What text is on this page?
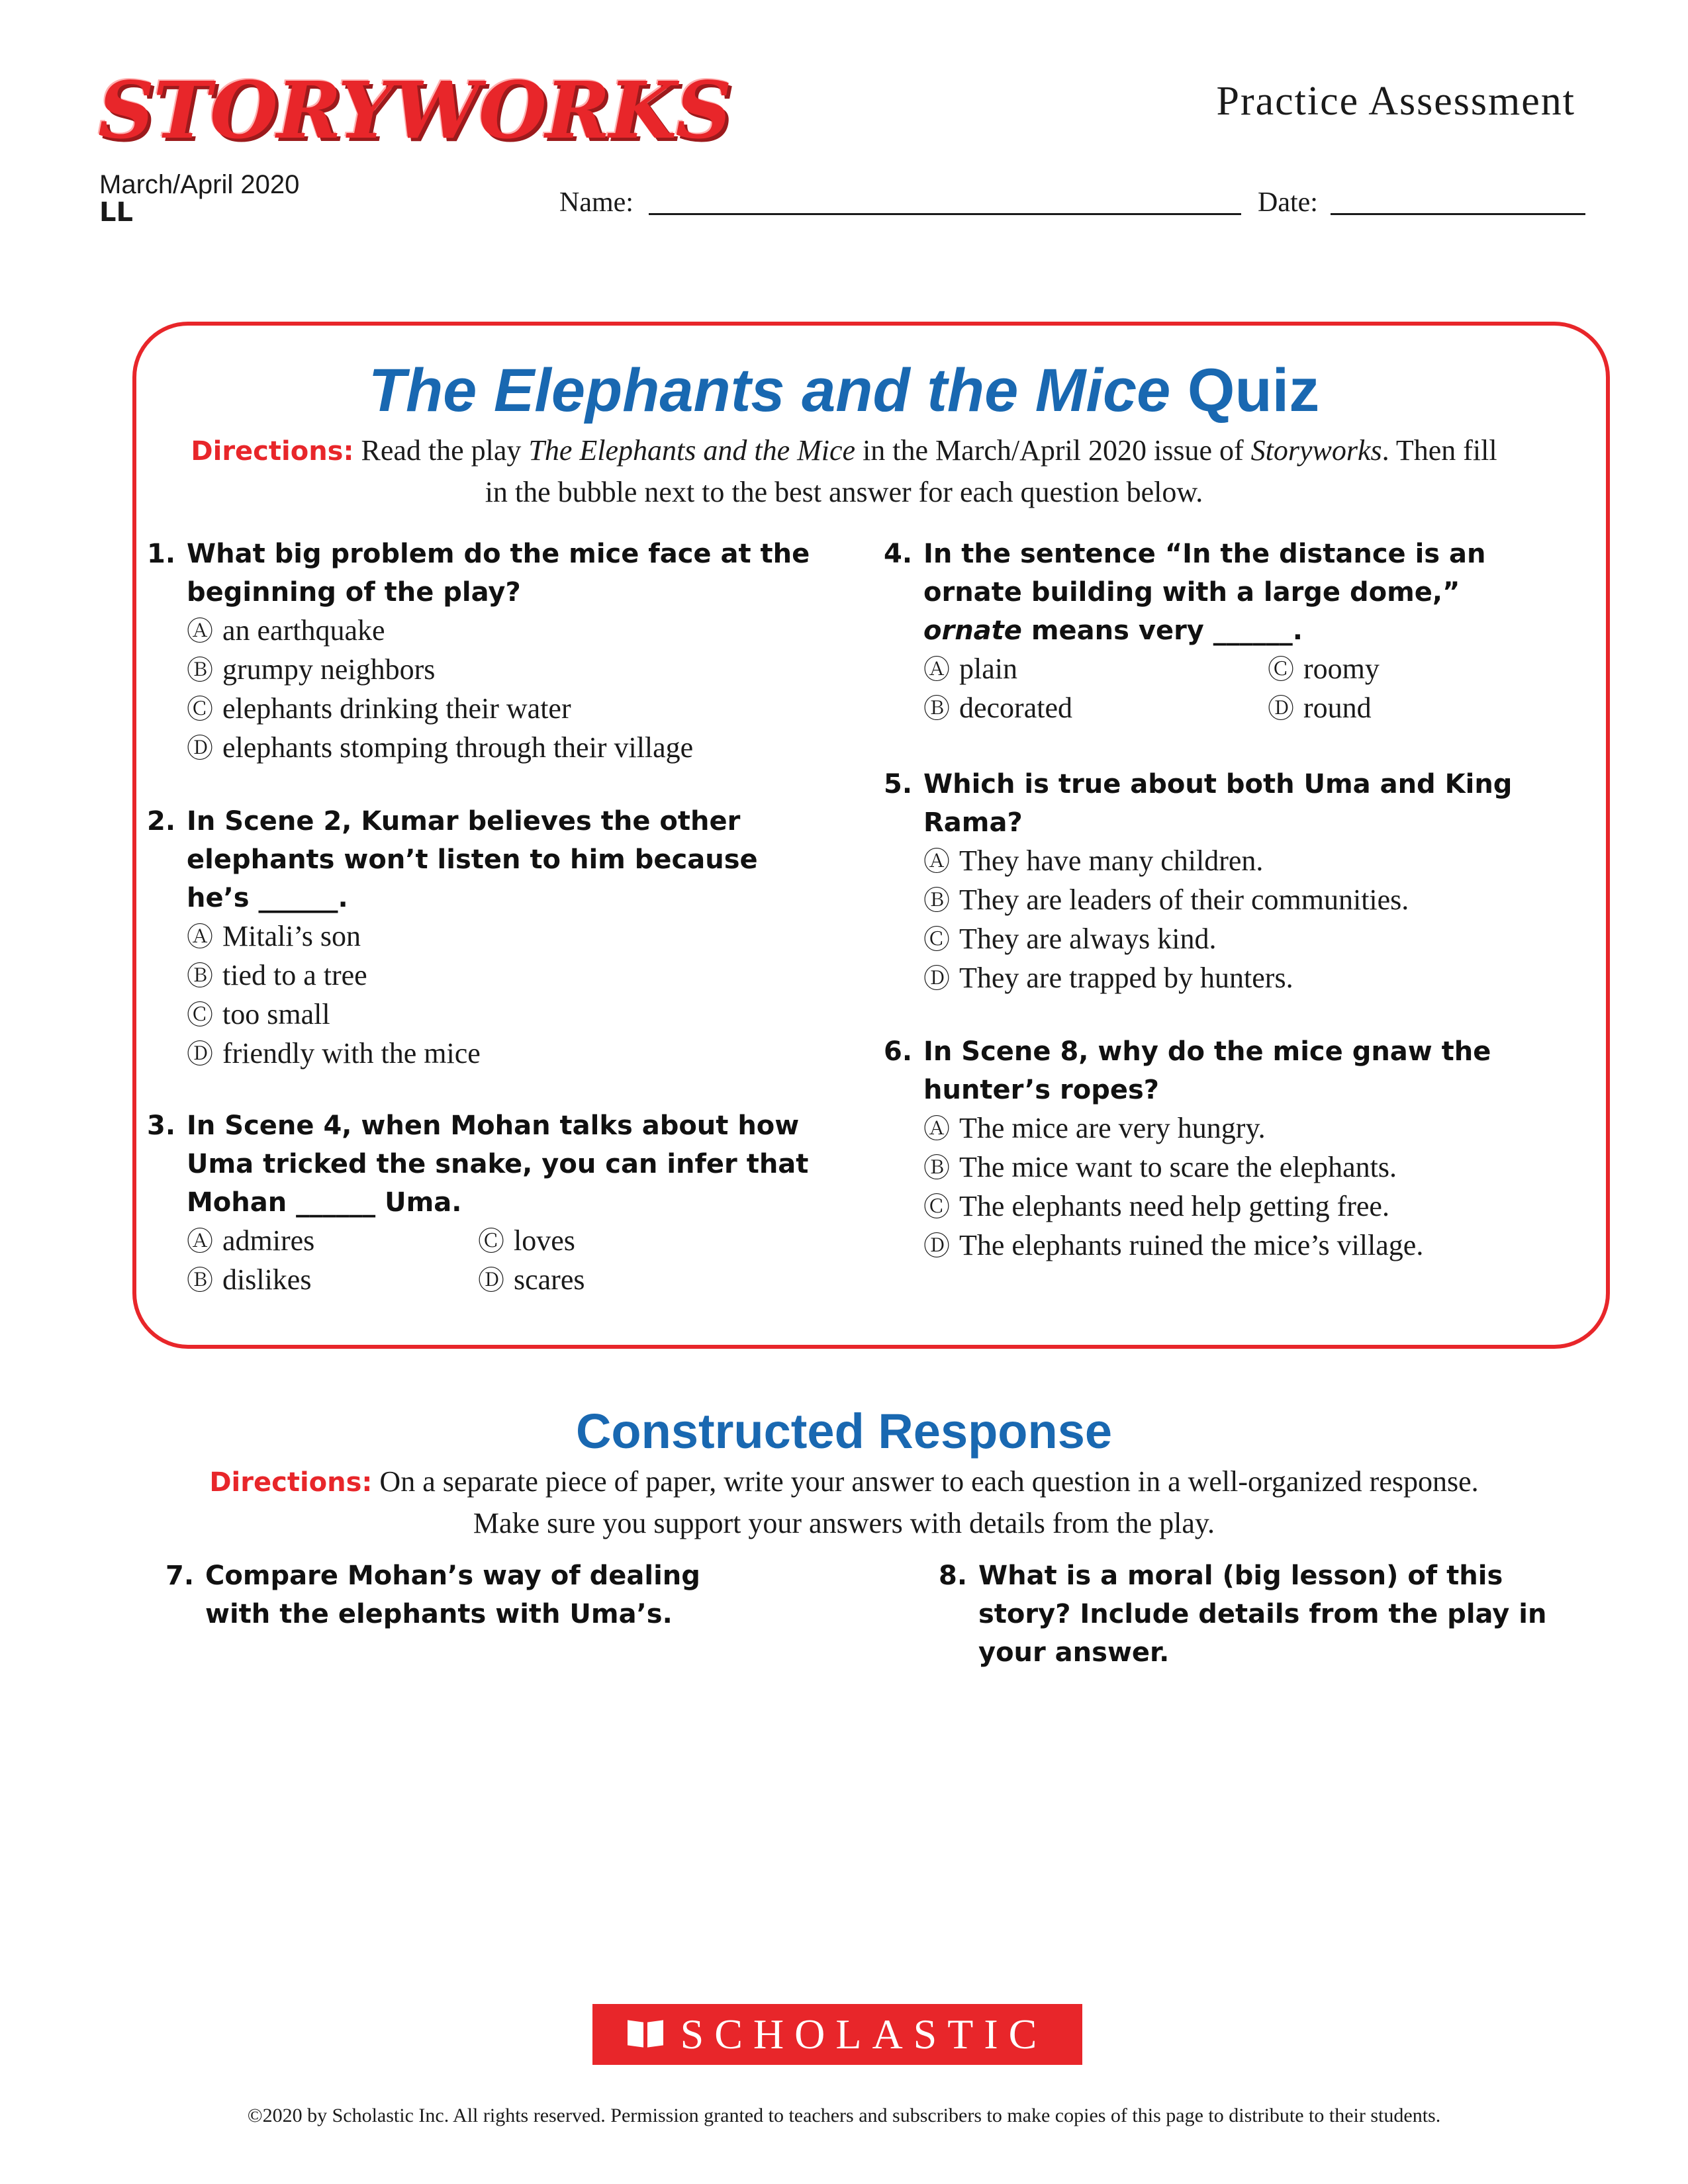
STORYWORKS
March/April 2020
LL
Practice Assessment
Name:	Date:
The Elephants and the Mice Quiz
Directions: Read the play The Elephants and the Mice in the March/April 2020 issue of Storyworks. Then fill
in the bubble next to the best answer for each question below.
1. What big problem do the mice face at the beginning of the play?
Ⓐ an earthquake
Ⓑ grumpy neighbors
Ⓒ elephants drinking their water
Ⓓ elephants stomping through their village
2. In Scene 2, Kumar believes the other elephants won’t listen to him because he’s ______.
Ⓐ Mitali’s son
Ⓑ tied to a tree
Ⓒ too small
Ⓓ friendly with the mice
3. In Scene 4, when Mohan talks about how Uma tricked the snake, you can infer that Mohan ______ Uma.
Ⓐ admires	Ⓒ loves
Ⓑ dislikes	Ⓓ scares
4. In the sentence “In the distance is an ornate building with a large dome,” ornate means very ______.
Ⓐ plain	Ⓒ roomy
Ⓑ decorated	Ⓓ round
5. Which is true about both Uma and King Rama?
Ⓐ They have many children.
Ⓑ They are leaders of their communities.
Ⓒ They are always kind.
Ⓓ They are trapped by hunters.
6. In Scene 8, why do the mice gnaw the hunter’s ropes?
Ⓐ The mice are very hungry.
Ⓑ The mice want to scare the elephants.
Ⓒ The elephants need help getting free.
Ⓓ The elephants ruined the mice’s village.
Constructed Response
Directions: On a separate piece of paper, write your answer to each question in a well-organized response.
Make sure you support your answers with details from the play.
7. Compare Mohan’s way of dealing with the elephants with Uma’s.
8. What is a moral (big lesson) of this story? Include details from the play in your answer.
SCHOLASTIC
©2020 by Scholastic Inc. All rights reserved. Permission granted to teachers and subscribers to make copies of this page to distribute to their students.
